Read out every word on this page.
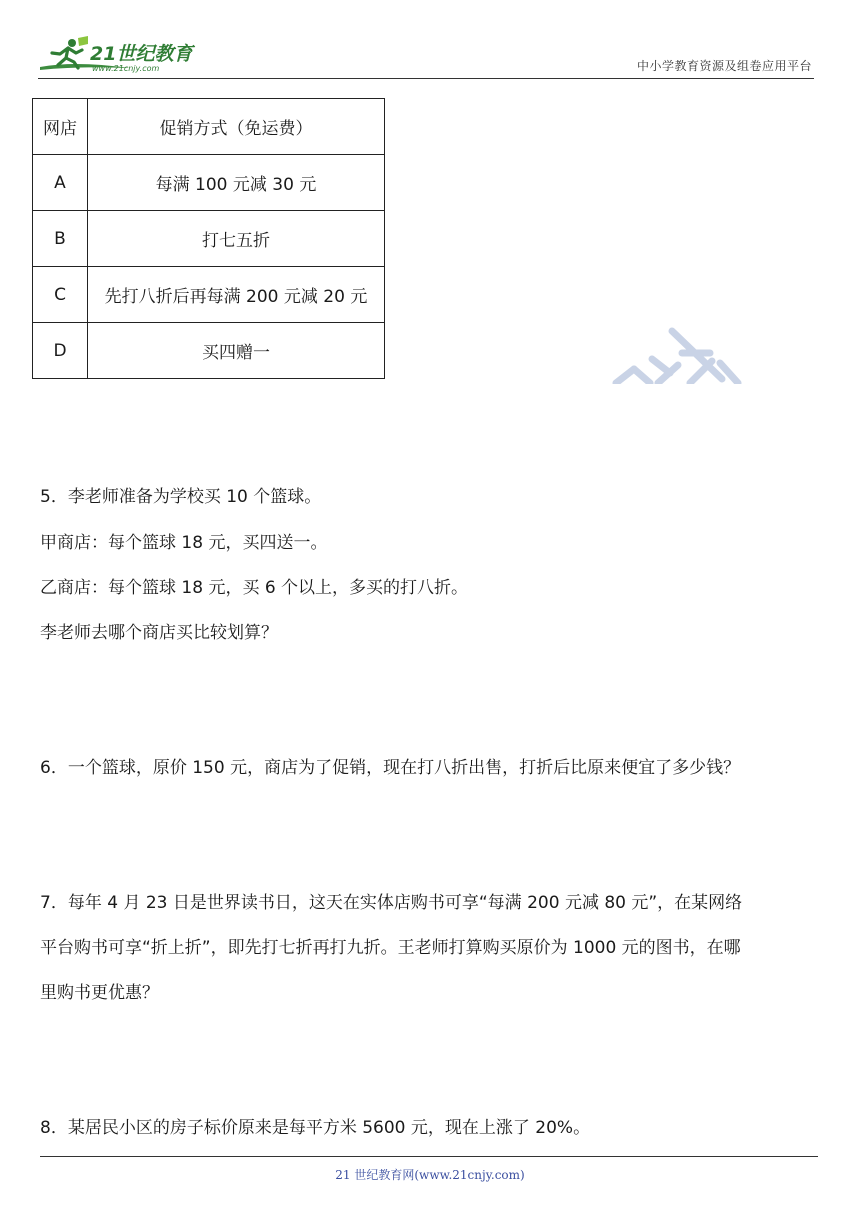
21世纪教育
www.21cnjy.com	中小学教育资源及组卷应用平台
网店	促销方式（免运费）
A	每满 100 元减 30 元
B	打七五折
C	先打八折后再每满 200 元减 20 元
D	买四赠一

5．李老师准备为学校买 10 个篮球。

甲商店：每个篮球 18 元，买四送一。

乙商店：每个篮球 18 元，买 6 个以上，多买的打八折。

李老师去哪个商店买比较划算？

6．一个篮球，原价 150 元，商店为了促销，现在打八折出售，打折后比原来便宜了多少钱？

7．每年 4 月 23 日是世界读书日，这天在实体店购书可享“每满 200 元减 80 元”，在某网络

平台购书可享“折上折”，即先打七折再打九折。王老师打算购买原价为 1000 元的图书，在哪

里购书更优惠？

8．某居民小区的房子标价原来是每平方米 5600 元，现在上涨了 20%。

21 世纪教育网(www.21cnjy.com)
